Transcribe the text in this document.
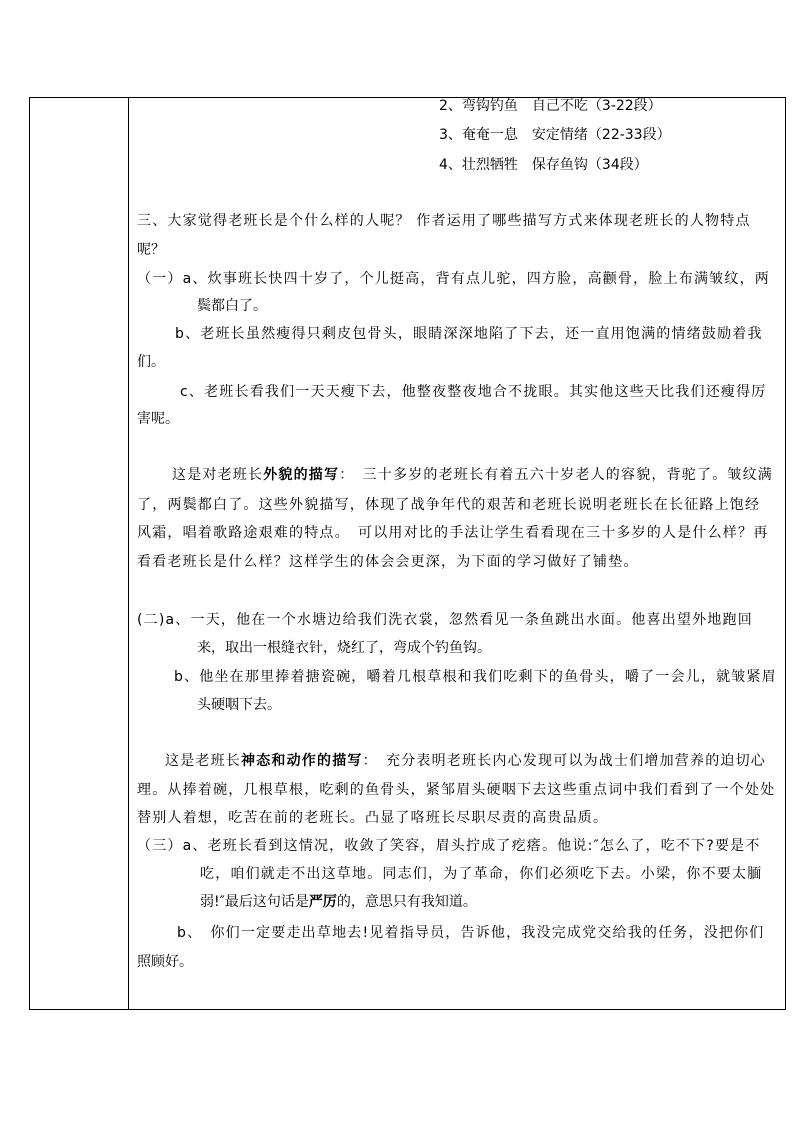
2、弯钩钓鱼　自己不吃（3-22段）
3、奄奄一息　安定情绪（22-33段）
4、壮烈牺牲　保存鱼钩（34段）
三、大家觉得老班长是个什么样的人呢？ 作者运用了哪些描写方式来体现老班长的人物特点
呢？
（一）a、炊事班长快四十岁了，个儿挺高，背有点儿驼，四方脸，高颧骨，脸上布满皱纹，两
鬓都白了。
b、老班长虽然瘦得只剩皮包骨头，眼睛深深地陷了下去，还一直用饱满的情绪鼓励着我
们。
c、老班长看我们一天天瘦下去，他整夜整夜地合不拢眼。其实他这些天比我们还瘦得厉
害呢。
这是对老班长外貌的描写：　三十多岁的老班长有着五六十岁老人的容貌，背驼了。皱纹满
了，两鬓都白了。这些外貌描写，体现了战争年代的艰苦和老班长说明老班长在长征路上饱经
风霜，唱着歌路途艰难的特点。　可以用对比的手法让学生看看现在三十多岁的人是什么样？再
看看老班长是什么样？这样学生的体会会更深，为下面的学习做好了铺垫。
(二)a、一天，他在一个水塘边给我们洗衣裳，忽然看见一条鱼跳出水面。他喜出望外地跑回
来，取出一根缝衣针，烧红了，弯成个钓鱼钩。
b、他坐在那里捧着搪瓷碗，嚼着几根草根和我们吃剩下的鱼骨头，嚼了一会儿，就皱紧眉
头硬咽下去。
这是老班长神态和动作的描写：　充分表明老班长内心发现可以为战士们增加营养的迫切心
理。从捧着碗，几根草根，吃剩的鱼骨头，紧邹眉头硬咽下去这些重点词中我们看到了一个处处
替别人着想，吃苦在前的老班长。凸显了咯班长尽职尽责的高贵品质。
（三）a、老班长看到这情况，收敛了笑容，眉头拧成了疙瘩。他说:″怎么了，吃不下?要是不
吃，咱们就走不出这草地。同志们，为了革命，你们必须吃下去。小梁，你不要太腼
弱!″最后这句话是严厉的，意思只有我知道。
b、　你们一定要走出草地去!见着指导员，告诉他，我没完成党交给我的任务，没把你们
照顾好。
